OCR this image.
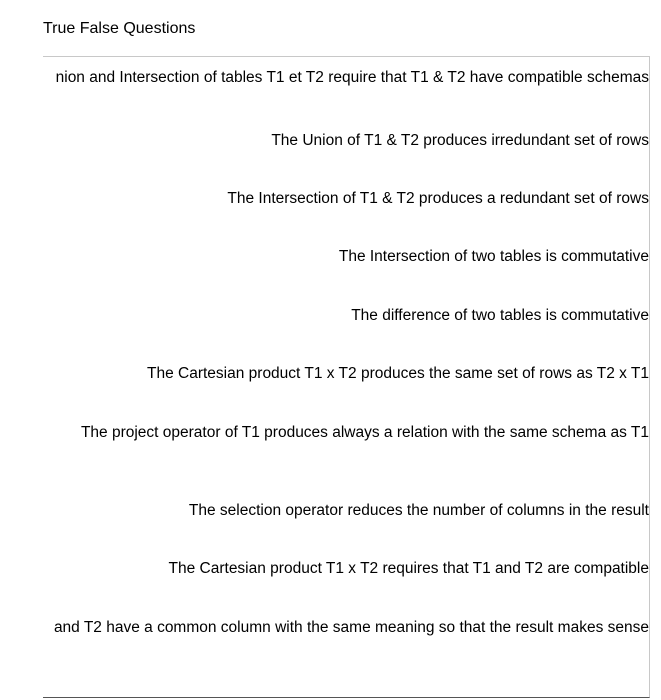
True False Questions
nion and Intersection of tables T1 et T2 require that T1 & T2 have compatible schemas
The Union of T1 & T2 produces irredundant set of rows
The Intersection of T1 & T2 produces a redundant set of rows
The Intersection of two tables is commutative
The difference of two tables is commutative
The Cartesian product T1 x T2 produces the same set of rows as T2 x T1
The project operator of T1 produces always a relation with the same schema as T1
The selection operator reduces the number of columns in the result
The Cartesian product T1 x T2 requires that T1 and T2 are compatible
and T2 have a common column with the same meaning so that the result makes sense
